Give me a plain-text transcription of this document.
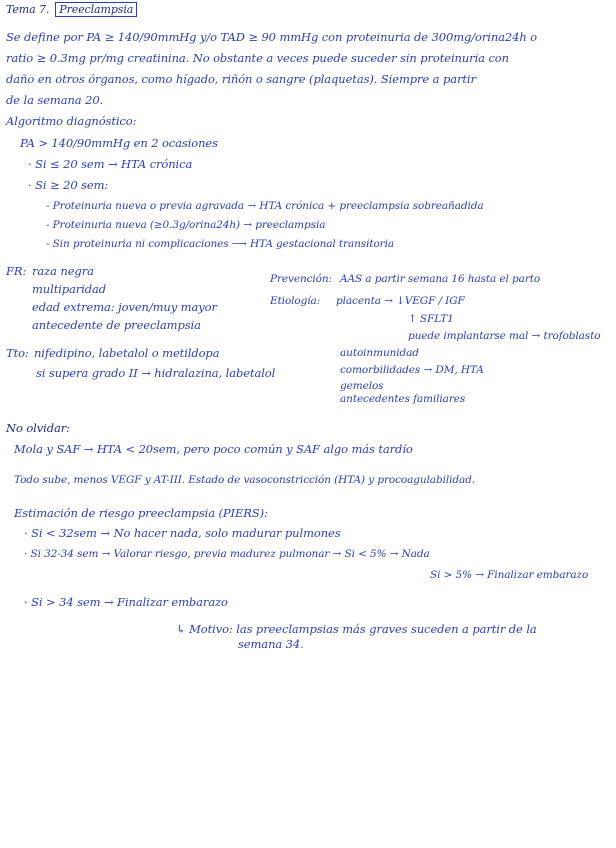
Tema 7. Preeclampsia
Se define por PA ≥ 140/90mmHg y/o TAD ≥ 90 mmHg con proteinuria de 300mg/orina24h o
ratio ≥ 0.3mg pr/mg creatinina. No obstante a veces puede suceder sin proteinuria con
daño en otros órganos, como hígado, riñón o sangre (plaquetas). Siempre a partir
de la semana 20.
Algoritmo diagnóstico:
PA > 140/90mmHg en 2 ocasiones
· Si ≤ 20 sem → HTA crónica
· Si ≥ 20 sem:
- Proteinuria nueva o previa agravada → HTA crónica + preeclampsia sobreañadida
- Proteinuria nueva (≥0.3g/orina24h) → preeclampsia
- Sin proteinuria ni complicaciones ⟶ HTA gestacional transitoria
FR: raza negra
multiparidad
edad extrema: joven/muy mayor
antecedente de preeclampsia
Prevención: AAS a partir semana 16 hasta el parto
Etiología: placenta → ↓VEGF / IGF
↑ SFLT1
puede implantarse mal → trofoblasto
autoinmunidad
comorbilidades → DM, HTA
gemelos
antecedentes familiares
Tto: nifedipino, labetalol o metildopa
si supera grado II → hidralazina, labetalol
No olvidar:
Mola y SAF → HTA < 20sem, pero poco común y SAF algo más tardío
Todo sube, menos VEGF y AT-III. Estado de vasoconstricción (HTA) y procoagulabilidad.
Estimación de riesgo preeclampsia (PIERS):
· Si < 32sem → No hacer nada, solo madurar pulmones
· Si 32-34 sem → Valorar riesgo, previa madurez pulmonar → Si < 5% → Nada
Si > 5% → Finalizar embarazo
· Si > 34 sem → Finalizar embarazo
↳ Motivo: las preeclampsias más graves suceden a partir de la
semana 34.
